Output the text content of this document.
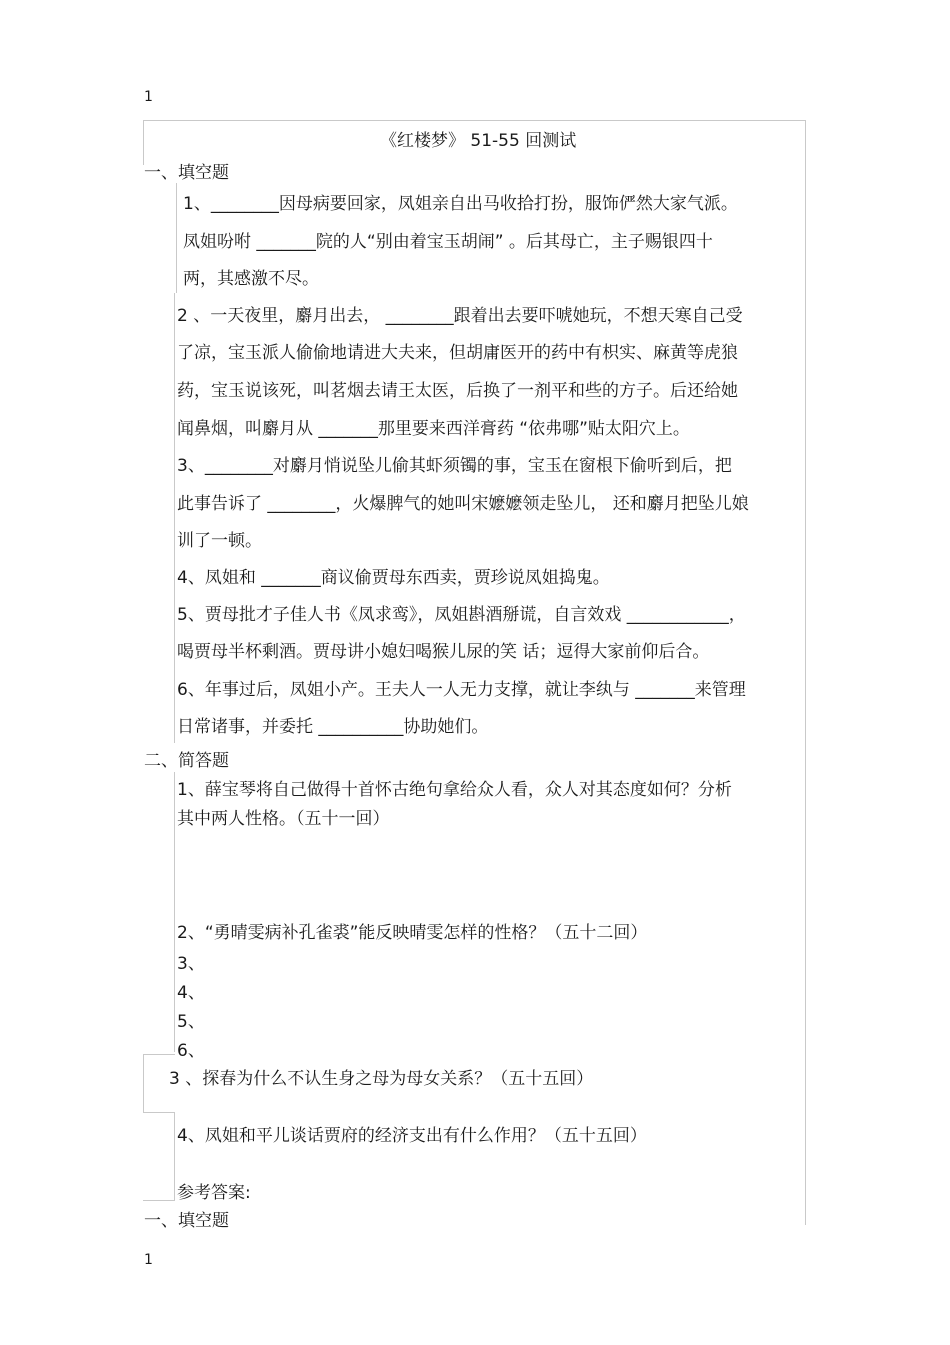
1
1
《红楼梦》 51-55 回测试
一、填空题
1、________因母病要回家，凤姐亲自出马收拾打扮，服饰俨然大家气派。
凤姐吩咐 _______院的人“别由着宝玉胡闹” 。后其母亡，主子赐银四十
两，其感激不尽。
2 、一天夜里，麝月出去， ________跟着出去要吓唬她玩，不想天寒自己受
了凉，宝玉派人偷偷地请进大夫来，但胡庸医开的药中有枳实、麻黄等虎狼
药，宝玉说该死，叫茗烟去请王太医，后换了一剂平和些的方子。后还给她
闻鼻烟，叫麝月从 _______那里要来西洋膏药 “依弗哪”贴太阳穴上。
3、________对麝月悄说坠儿偷其虾须镯的事，宝玉在窗根下偷听到后，把
此事告诉了 ________，火爆脾气的她叫宋嬷嬷领走坠儿， 还和麝月把坠儿娘
训了一顿。
4、凤姐和 _______商议偷贾母东西卖，贾珍说凤姐捣鬼。
5、贾母批才子佳人书《凤求鸾》，凤姐斟酒掰谎，自言效戏 ____________，
喝贾母半杯剩酒。贾母讲小媳妇喝猴儿尿的笑 话；逗得大家前仰后合。
6、年事过后，凤姐小产。王夫人一人无力支撑，就让李纨与 _______来管理
日常诸事，并委托 __________协助她们。
二、简答题
1、薛宝琴将自己做得十首怀古绝句拿给众人看，众人对其态度如何？分析
其中两人性格。（五十一回）
2、“勇晴雯病补孔雀裘”能反映晴雯怎样的性格？（五十二回）
3、
4、
5、
6、
3 、探春为什么不认生身之母为母女关系？（五十五回）
4、凤姐和平儿谈话贾府的经济支出有什么作用？（五十五回）
参考答案:
一、填空题
